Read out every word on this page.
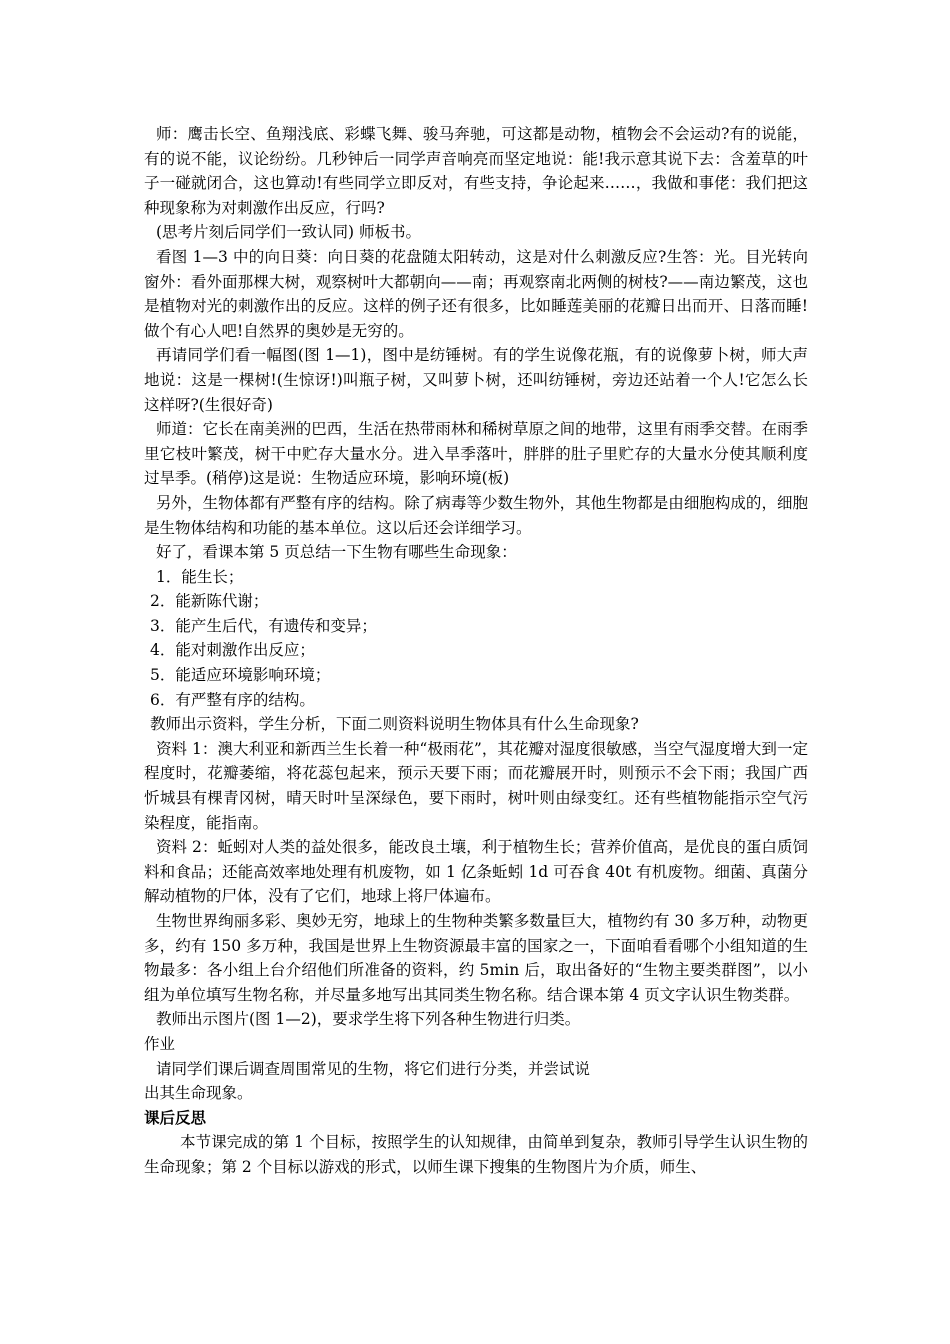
师：鹰击长空、鱼翔浅底、彩蝶飞舞、骏马奔驰，可这都是动物，植物会不会运动?有的说能，有的说不能，议论纷纷。几秒钟后一同学声音响亮而坚定地说：能!我示意其说下去：含羞草的叶子一碰就闭合，这也算动!有些同学立即反对，有些支持，争论起来……，我做和事佬：我们把这种现象称为对刺激作出反应，行吗?

(思考片刻后同学们一致认同) 师板书。

看图 1—3 中的向日葵：向日葵的花盘随太阳转动，这是对什么刺激反应?生答：光。目光转向窗外：看外面那棵大树，观察树叶大都朝向——南；再观察南北两侧的树枝?——南边繁茂，这也是植物对光的刺激作出的反应。这样的例子还有很多，比如睡莲美丽的花瓣日出而开、日落而睡!做个有心人吧!自然界的奥妙是无穷的。

再请同学们看一幅图(图 1—1)，图中是纺锤树。有的学生说像花瓶，有的说像萝卜树，师大声地说：这是一棵树!(生惊讶!)叫瓶子树，又叫萝卜树，还叫纺锤树，旁边还站着一个人!它怎么长这样呀?(生很好奇)

师道：它长在南美洲的巴西，生活在热带雨林和稀树草原之间的地带，这里有雨季交替。在雨季里它枝叶繁茂，树干中贮存大量水分。进入旱季落叶，胖胖的肚子里贮存的大量水分使其顺利度过旱季。(稍停)这是说：生物适应环境，影响环境(板)

另外，生物体都有严整有序的结构。除了病毒等少数生物外，其他生物都是由细胞构成的，细胞是生物体结构和功能的基本单位。这以后还会详细学习。

好了，看课本第 5 页总结一下生物有哪些生命现象：

1．能生长；

2．能新陈代谢；

3．能产生后代，有遗传和变异；

4．能对刺激作出反应；

5．能适应环境影响环境；

6．有严整有序的结构。

教师出示资料，学生分析，下面二则资料说明生物体具有什么生命现象?

资料 1：澳大利亚和新西兰生长着一种“极雨花”，其花瓣对湿度很敏感，当空气湿度增大到一定程度时，花瓣萎缩，将花蕊包起来，预示天要下雨；而花瓣展开时，则预示不会下雨；我国广西忻城县有棵青冈树，晴天时叶呈深绿色，要下雨时，树叶则由绿变红。还有些植物能指示空气污染程度，能指南。

资料 2：蚯蚓对人类的益处很多，能改良土壤，利于植物生长；营养价值高，是优良的蛋白质饲料和食品；还能高效率地处理有机废物，如 1 亿条蚯蚓 1d 可吞食 40t 有机废物。细菌、真菌分解动植物的尸体，没有了它们，地球上将尸体遍布。

生物世界绚丽多彩、奥妙无穷，地球上的生物种类繁多数量巨大，植物约有 30 多万种，动物更多，约有 150 多万种，我国是世界上生物资源最丰富的国家之一，下面咱看看哪个小组知道的生物最多：各小组上台介绍他们所准备的资料，约 5min 后，取出备好的“生物主要类群图”，以小组为单位填写生物名称，并尽量多地写出其同类生物名称。结合课本第 4 页文字认识生物类群。

教师出示图片(图 1—2)，要求学生将下列各种生物进行归类。

作业

请同学们课后调查周围常见的生物，将它们进行分类，并尝试说

出其生命现象。

课后反思

本节课完成的第 1 个目标，按照学生的认知规律，由简单到复杂，教师引导学生认识生物的生命现象；第 2 个目标以游戏的形式，以师生课下搜集的生物图片为介质，师生、
